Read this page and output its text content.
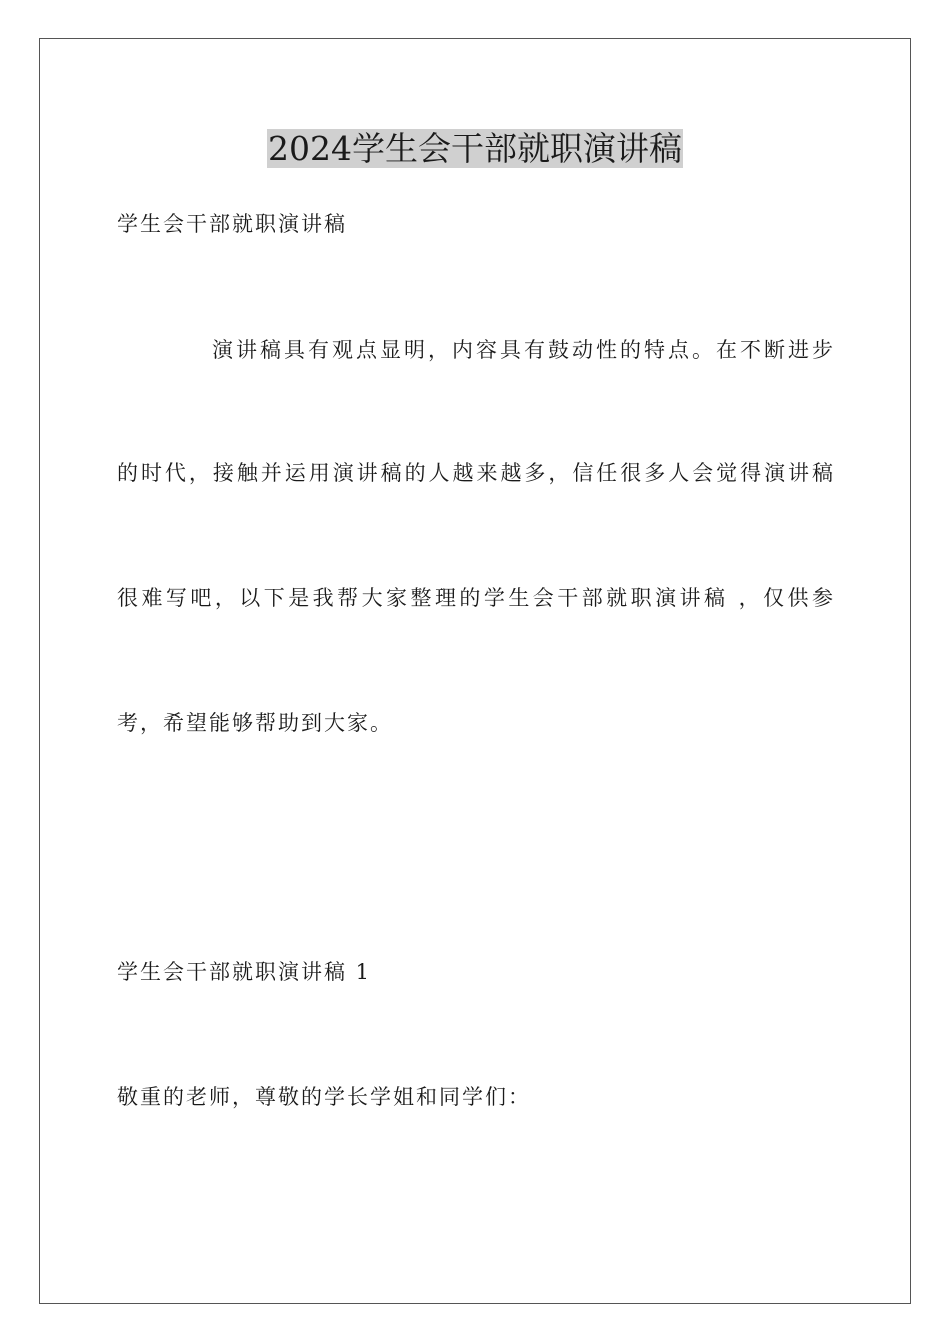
2024学生会干部就职演讲稿
学生会干部就职演讲稿
演讲稿具有观点显明，内容具有鼓动性的特点。在不断进步
的时代，接触并运用演讲稿的人越来越多，信任很多人会觉得演讲稿
很难写吧，以下是我帮大家整理的学生会干部就职演讲稿 ，仅供参
考，希望能够帮助到大家。
学生会干部就职演讲稿 1
敬重的老师，尊敬的学长学姐和同学们：
